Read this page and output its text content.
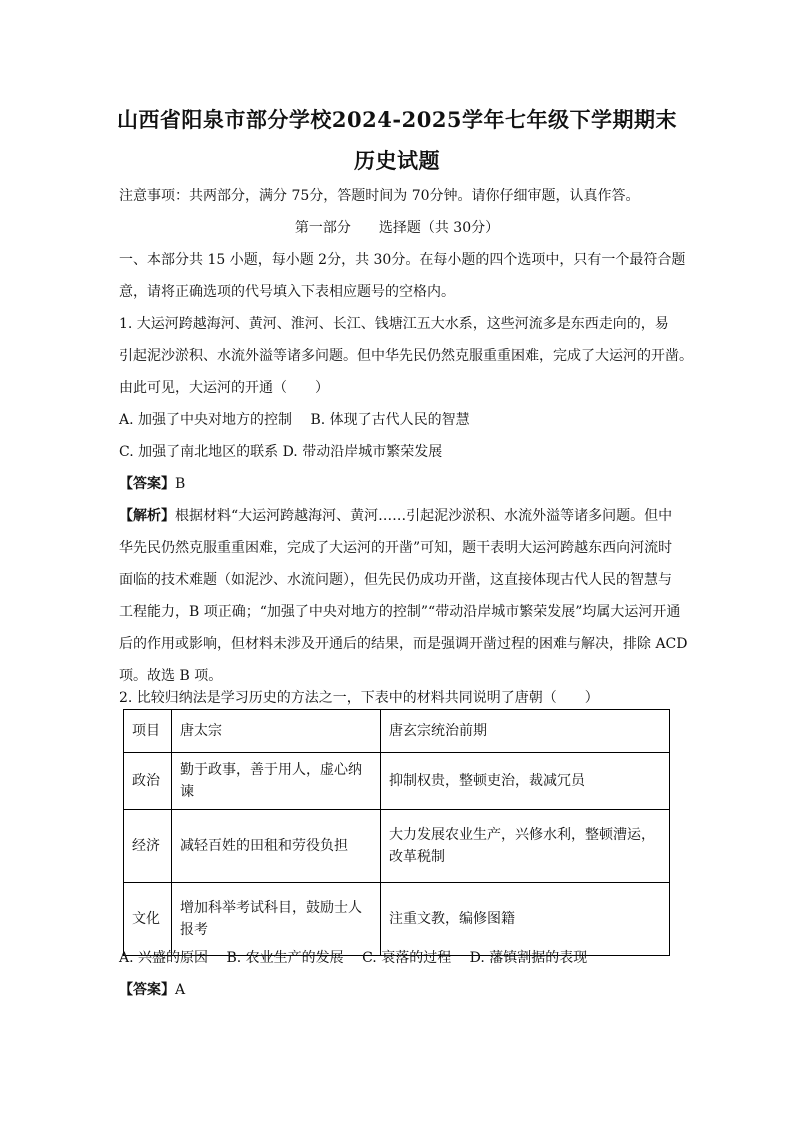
山西省阳泉市部分学校2024-2025学年七年级下学期期末
历史试题
注意事项：共两部分，满分 75分，答题时间为 70分钟。请你仔细审题，认真作答。
第一部分　　选择题（共 30分）
一、本部分共 15 小题，每小题 2分，共 30分。在每小题的四个选项中，只有一个最符合题
意，请将正确选项的代号填入下表相应题号的空格内。
1. 大运河跨越海河、黄河、淮河、长江、钱塘江五大水系，这些河流多是东西走向的，易
引起泥沙淤积、水流外溢等诸多问题。但中华先民仍然克服重重困难，完成了大运河的开凿。
由此可见，大运河的开通（　　）
A. 加强了中央对地方的控制　 B. 体现了古代人民的智慧
C. 加强了南北地区的联系 D. 带动沿岸城市繁荣发展
【答案】B
【解析】根据材料“大运河跨越海河、黄河……引起泥沙淤积、水流外溢等诸多问题。但中
华先民仍然克服重重困难，完成了大运河的开凿”可知，题干表明大运河跨越东西向河流时
面临的技术难题（如泥沙、水流问题），但先民仍成功开凿，这直接体现古代人民的智慧与
工程能力，B 项正确；“加强了中央对地方的控制”“带动沿岸城市繁荣发展”均属大运河开通
后的作用或影响，但材料未涉及开通后的结果，而是强调开凿过程的困难与解决，排除 ACD
项。故选 B 项。
2. 比较归纳法是学习历史的方法之一，下表中的材料共同说明了唐朝（　　）
项目	唐太宗	唐玄宗统治前期
政治	勤于政事，善于用人，虚心纳谏	抑制权贵，整顿吏治，裁减冗员
经济	减轻百姓的田租和劳役负担	大力发展农业生产，兴修水利，整顿漕运，改革税制
文化	增加科举考试科目，鼓励士人报考	注重文教，编修图籍
A. 兴盛的原因　 B. 农业生产的发展　 C. 衰落的过程　 D. 藩镇割据的表现
【答案】A
